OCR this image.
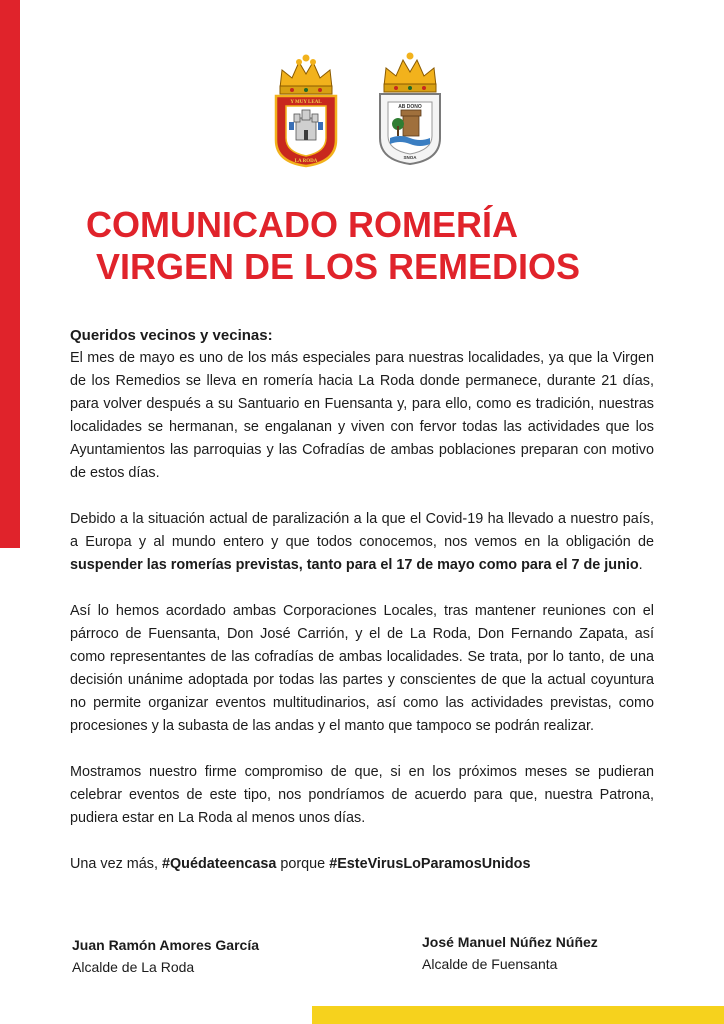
Y MUY LEAL
LA RODA
AB DONO
SNOA
COMUNICADO ROMERÍA
VIRGEN DE LOS REMEDIOS
Queridos vecinos y vecinas:

El mes de mayo es uno de los más especiales para nuestras localidades, ya que la Virgen de los Remedios se lleva en romería hacia La Roda donde permanece, durante 21 días, para volver después a su Santuario en Fuensanta y, para ello, como es tradición, nuestras localidades se hermanan, se engalanan y viven con fervor todas las actividades que los Ayuntamientos las parroquias y las Cofradías de ambas poblaciones preparan con motivo de estos días.

Debido a la situación actual de paralización a la que el Covid-19 ha llevado a nuestro país, a Europa y al mundo entero y que todos conocemos, nos vemos en la obligación de suspender las romerías previstas, tanto para el 17 de mayo como para el 7 de junio.

Así lo hemos acordado ambas Corporaciones Locales, tras mantener reuniones con el párroco de Fuensanta, Don José Carrión, y el de La Roda, Don Fernando Zapata, así como representantes de las cofradías de ambas localidades. Se trata, por lo tanto, de una decisión unánime adoptada por todas las partes y conscientes de que la actual coyuntura no permite organizar eventos multitudinarios, así como las actividades previstas, como procesiones y la subasta de las andas y el manto que tampoco se podrán realizar.

Mostramos nuestro firme compromiso de que, si en los próximos meses se pudieran celebrar eventos de este tipo, nos pondríamos de acuerdo para que, nuestra Patrona, pudiera estar en La Roda al menos unos días.

Una vez más, #Quédateencasa porque #EsteVirusLoParamosUnidos

Juan Ramón Amores García
Alcalde de La Roda
José Manuel Núñez Núñez
Alcalde de Fuensanta
